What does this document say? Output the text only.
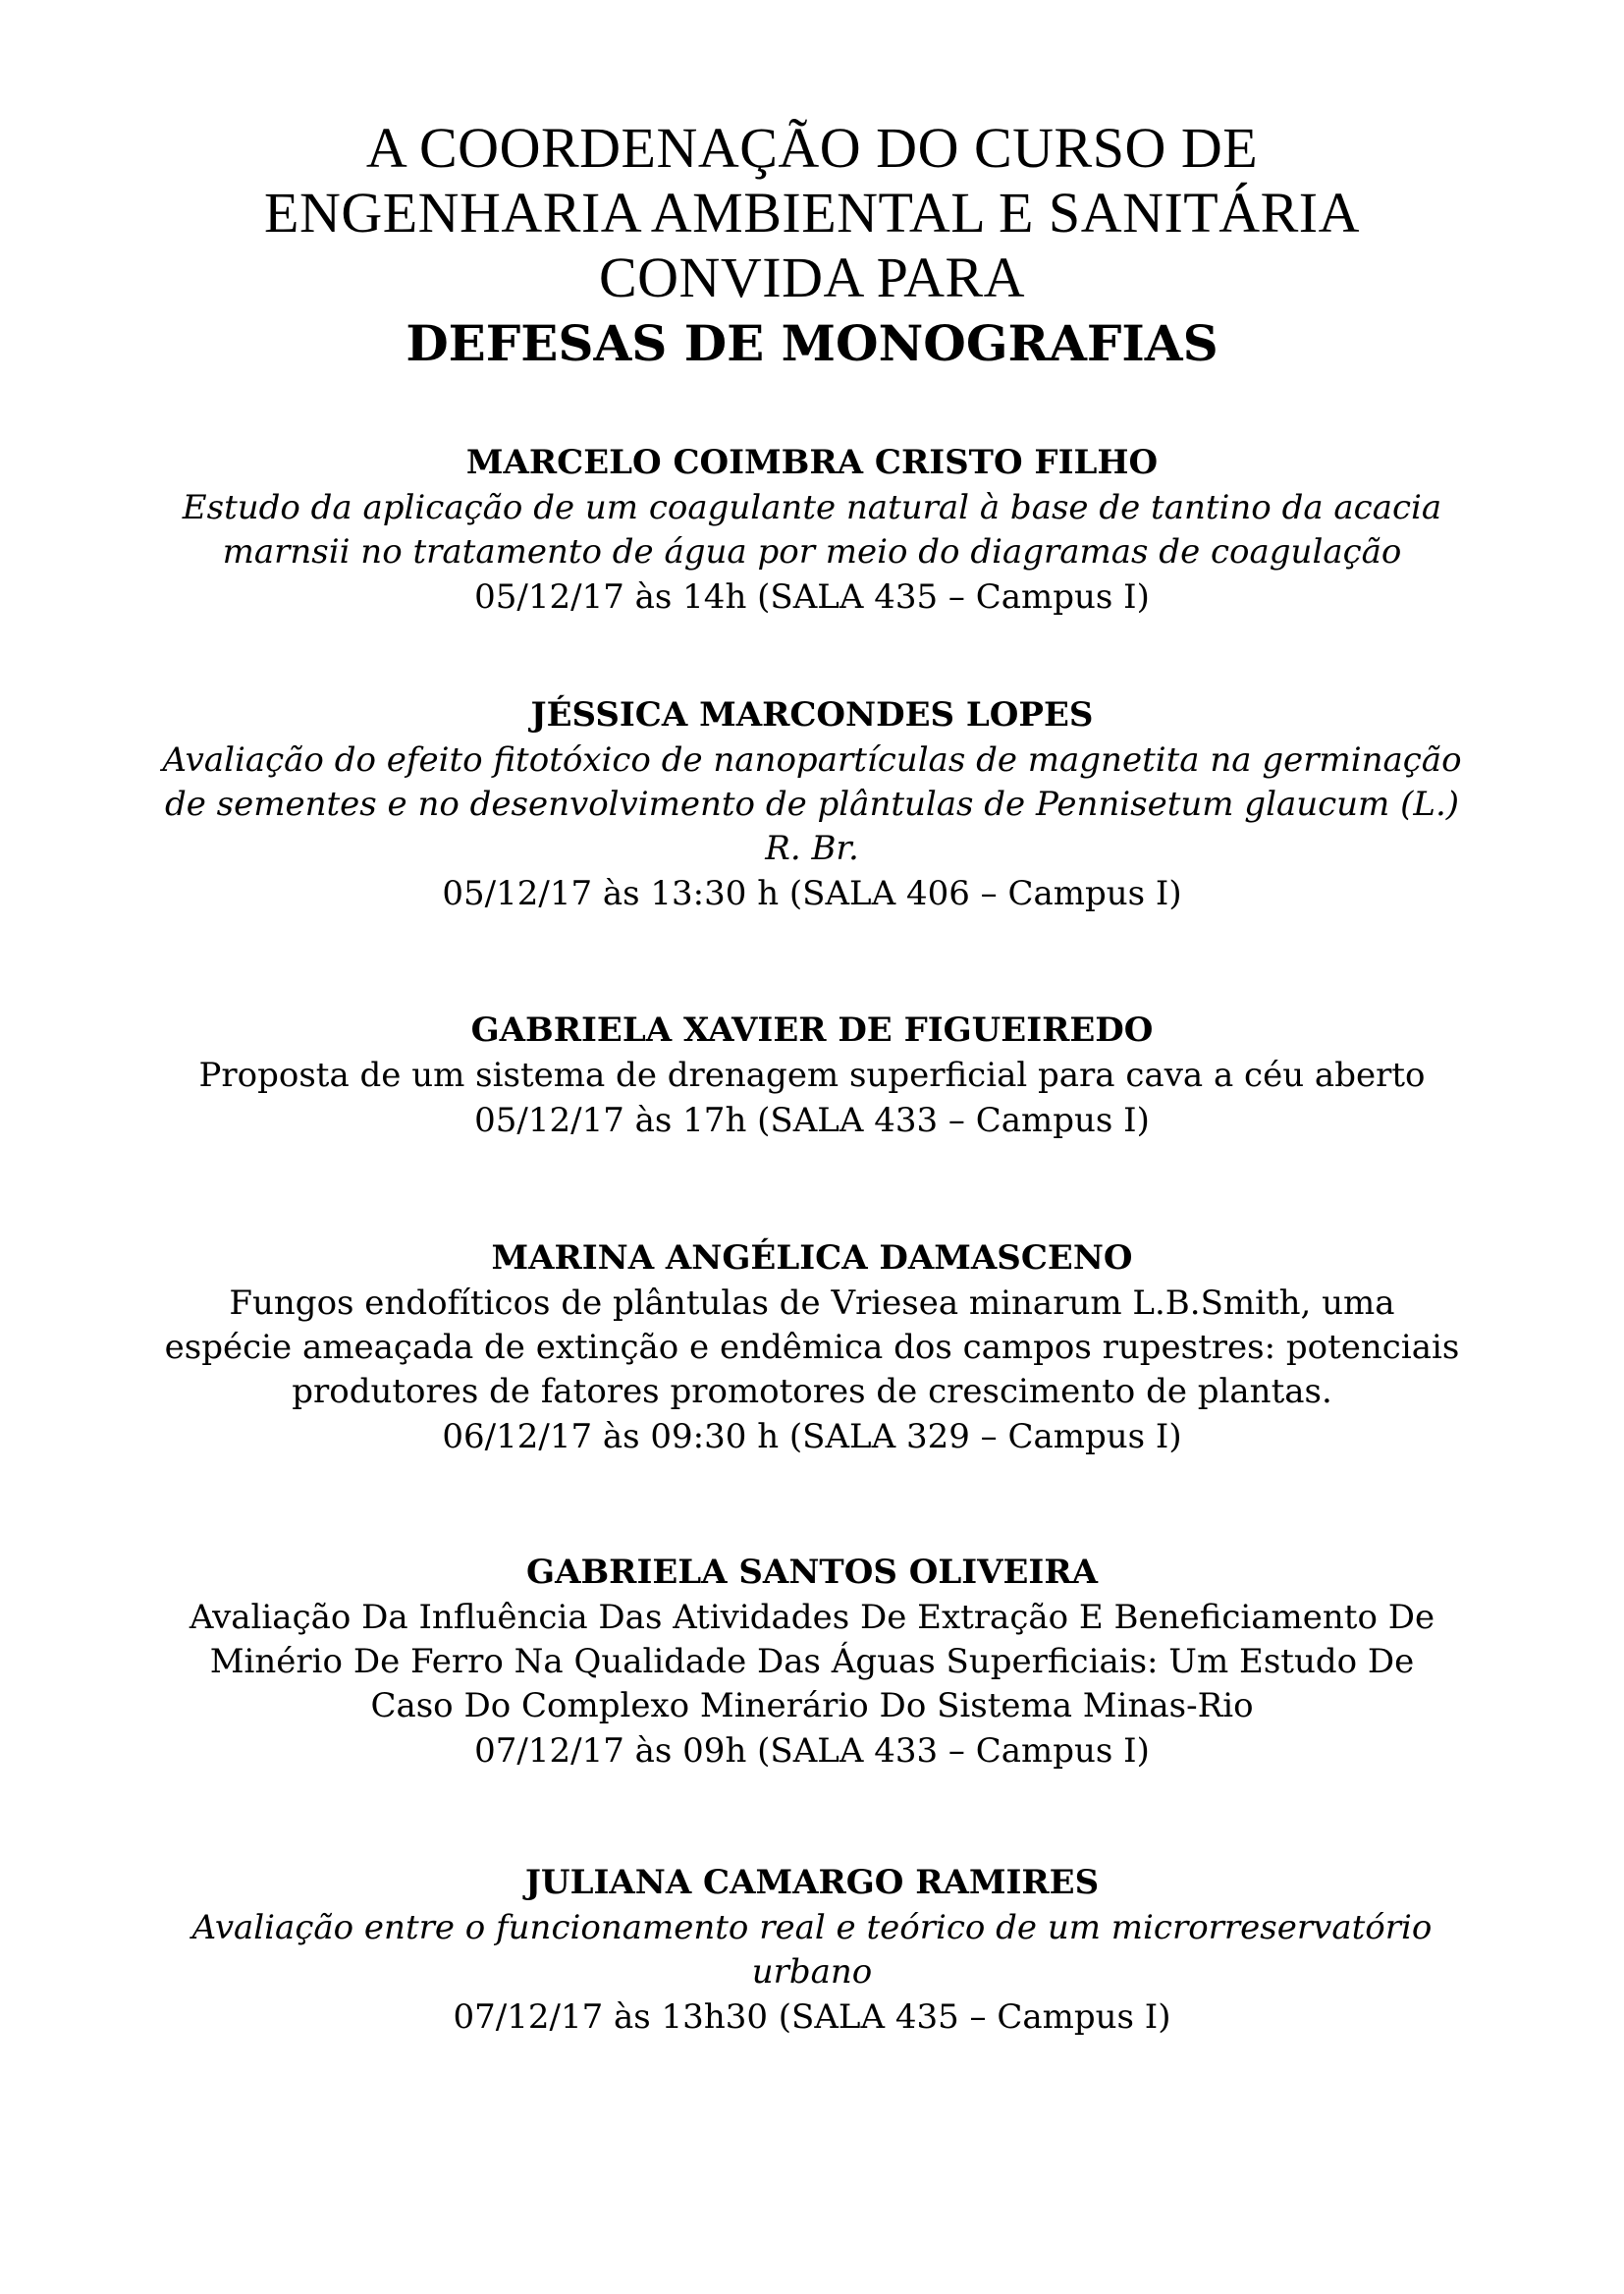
A COORDENAÇÃO DO CURSO DE
ENGENHARIA AMBIENTAL E SANITÁRIA
CONVIDA PARA
DEFESAS DE MONOGRAFIAS
MARCELO COIMBRA CRISTO FILHO
Estudo da aplicação de um coagulante natural à base de tantino da acacia
marnsii no tratamento de água por meio do diagramas de coagulação
05/12/17 às 14h (SALA 435 – Campus I)
JÉSSICA MARCONDES LOPES
Avaliação do efeito fitotóxico de nanopartículas de magnetita na germinação
de sementes e no desenvolvimento de plântulas de Pennisetum glaucum (L.)
R. Br.
05/12/17 às 13:30 h (SALA 406 – Campus I)
GABRIELA XAVIER DE FIGUEIREDO
Proposta de um sistema de drenagem superficial para cava a céu aberto
05/12/17 às 17h (SALA 433 – Campus I)
MARINA ANGÉLICA DAMASCENO
Fungos endofíticos de plântulas de Vriesea minarum L.B.Smith, uma
espécie ameaçada de extinção e endêmica dos campos rupestres: potenciais
produtores de fatores promotores de crescimento de plantas.
06/12/17 às 09:30 h (SALA 329 – Campus I)
GABRIELA SANTOS OLIVEIRA
Avaliação Da Influência Das Atividades De Extração E Beneficiamento De
Minério De Ferro Na Qualidade Das Águas Superficiais: Um Estudo De
Caso Do Complexo Minerário Do Sistema Minas-Rio
07/12/17 às 09h (SALA 433 – Campus I)
JULIANA CAMARGO RAMIRES
Avaliação entre o funcionamento real e teórico de um microrreservatório
urbano
07/12/17 às 13h30 (SALA 435 – Campus I)
